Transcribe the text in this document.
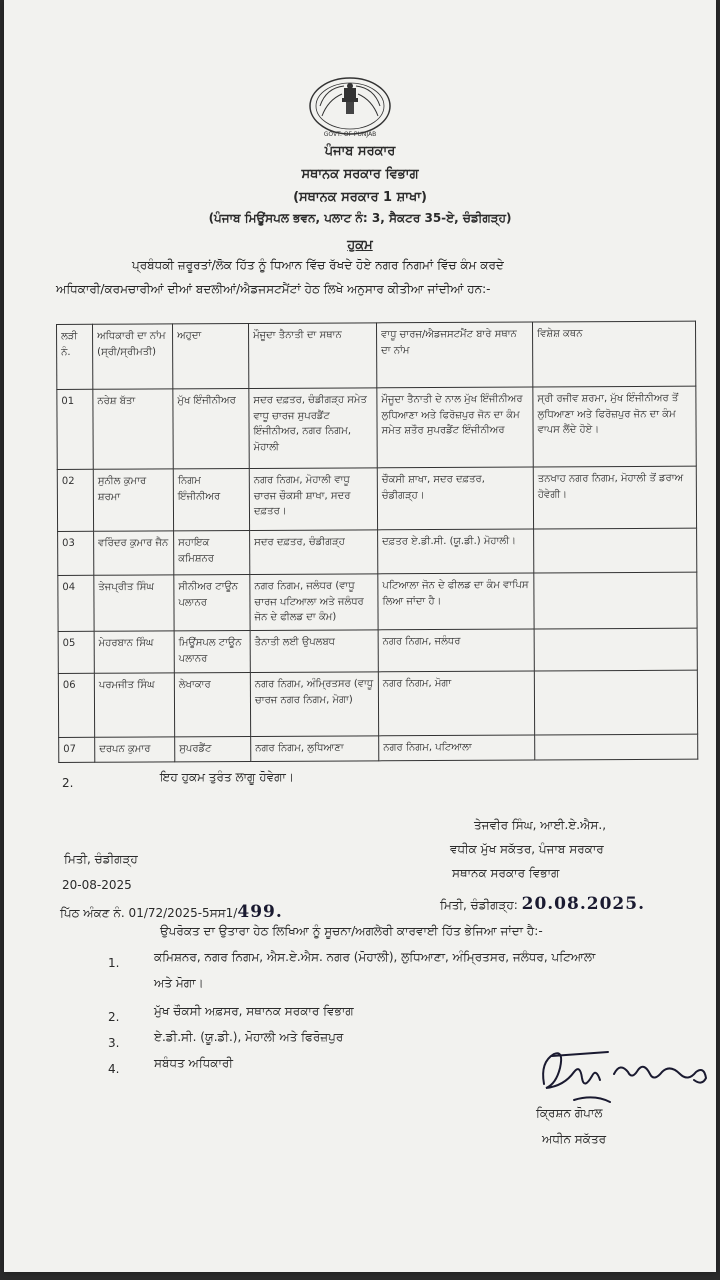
GOVT. OF PUNJAB
ਪੰਜਾਬ ਸਰਕਾਰ
ਸਥਾਨਕ ਸਰਕਾਰ ਵਿਭਾਗ
(ਸਥਾਨਕ ਸਰਕਾਰ 1 ਸ਼ਾਖਾ)
(ਪੰਜਾਬ ਮਿਊਂਸਪਲ ਭਵਨ, ਪਲਾਟ ਨੰ: 3, ਸੈਕਟਰ 35-ਏ, ਚੰਡੀਗੜ੍ਹ)
ਹੁਕਮ
ਪ੍ਰਬੰਧਕੀ ਜ਼ਰੂਰਤਾਂ/ਲੋਕ ਹਿੱਤ ਨੂੰ ਧਿਆਨ ਵਿੱਚ ਰੱਖਦੇ ਹੋਏ ਨਗਰ ਨਿਗਮਾਂ ਵਿੱਚ ਕੰਮ ਕਰਦੇ
ਅਧਿਕਾਰੀ/ਕਰਮਚਾਰੀਆਂ ਦੀਆਂ ਬਦਲੀਆਂ/ਐਡਜਸਟਮੈਂਟਾਂ ਹੇਠ ਲਿਖੇ ਅਨੁਸਾਰ ਕੀਤੀਆ ਜਾਂਦੀਆਂ ਹਨ:-
ਲੜੀ ਨੰ.	ਅਧਿਕਾਰੀ ਦਾ ਨਾਂਮ (ਸ੍ਰੀ/ਸ੍ਰੀਮਤੀ)	ਅਹੁਦਾ	ਮੌਜੂਦਾ ਤੈਨਾਤੀ ਦਾ ਸਥਾਨ	ਵਾਧੂ ਚਾਰਜ/ਐਡਜਸਟਮੈਂਟ ਬਾਰੇ ਸਥਾਨ ਦਾ ਨਾਂਮ	ਵਿਸ਼ੇਸ਼ ਕਥਨ
01	ਨਰੇਸ਼ ਬੱਤਾ	ਮੁੱਖ ਇੰਜੀਨੀਅਰ	ਸਦਰ ਦਫ਼ਤਰ, ਚੰਡੀਗੜ੍ਹ ਸਮੇਤ ਵਾਧੂ ਚਾਰਜ ਸੁਪਰਡੈਂਟ ਇੰਜੀਨੀਅਰ, ਨਗਰ ਨਿਗਮ, ਮੋਹਾਲੀ	ਮੌਜੂਦਾ ਤੈਨਾਤੀ ਦੇ ਨਾਲ ਮੁੱਖ ਇੰਜੀਨੀਅਰ ਲੁਧਿਆਣਾ ਅਤੇ ਫਿਰੋਜ਼ਪੁਰ ਜੋਨ ਦਾ ਕੰਮ ਸਮੇਤ ਸ਼ਤੌਰ ਸੁਪਰਡੈਂਟ ਇੰਜੀਨੀਅਰ	ਸ੍ਰੀ ਰਜੀਵ ਸ਼ਰਮਾ, ਮੁੱਖ ਇੰਜੀਨੀਅਰ ਤੋਂ ਲੁਧਿਆਣਾ ਅਤੇ ਫਿਰੋਜ਼ਪੁਰ ਜੋਨ ਦਾ ਕੰਮ ਵਾਪਸ ਲੈਂਦੇ ਹੋਏ।
02	ਸੁਨੀਲ ਕੁਮਾਰ ਸ਼ਰਮਾ	ਨਿਗਮ ਇੰਜੀਨੀਅਰ	ਨਗਰ ਨਿਗਮ, ਮੋਹਾਲੀ ਵਾਧੂ ਚਾਰਜ ਚੌਕਸੀ ਸ਼ਾਖਾ, ਸਦਰ ਦਫ਼ਤਰ।	ਚੌਕਸੀ ਸ਼ਾਖਾ, ਸਦਰ ਦਫ਼ਤਰ, ਚੰਡੀਗੜ੍ਹ।	ਤਨਖਾਹ ਨਗਰ ਨਿਗਮ, ਮੋਹਾਲੀ ਤੋਂ ਡਰਾਅ ਹੋਵੇਗੀ।
03	ਵਰਿੰਦਰ ਕੁਮਾਰ ਜੈਨ	ਸਹਾਇਕ ਕਮਿਸ਼ਨਰ	ਸਦਰ ਦਫ਼ਤਰ, ਚੰਡੀਗੜ੍ਹ	ਦਫ਼ਤਰ ਏ.ਡੀ.ਸੀ. (ਯੂ.ਡੀ.) ਮੋਹਾਲੀ।	
04	ਤੇਜਪ੍ਰੀਤ ਸਿੰਘ	ਸੀਨੀਅਰ ਟਾਊਨ ਪਲਾਨਰ	ਨਗਰ ਨਿਗਮ, ਜਲੰਧਰ (ਵਾਧੂ ਚਾਰਜ ਪਟਿਆਲਾ ਅਤੇ ਜਲੰਧਰ ਜੋਨ ਦੇ ਫੀਲਡ ਦਾ ਕੰਮ)	ਪਟਿਆਲਾ ਜੋਨ ਦੇ ਫੀਲਡ ਦਾ ਕੰਮ ਵਾਪਿਸ ਲਿਆ ਜਾਂਦਾ ਹੈ।	
05	ਮੇਹਰਬਾਨ ਸਿੰਘ	ਮਿਊਂਸਪਲ ਟਾਊਨ ਪਲਾਨਰ	ਤੈਨਾਤੀ ਲਈ ਉਪਲਬਧ	ਨਗਰ ਨਿਗਮ, ਜਲੰਧਰ	
06	ਪਰਮਜੀਤ ਸਿੰਘ	ਲੇਖਾਕਾਰ	ਨਗਰ ਨਿਗਮ, ਅੰਮ੍ਰਿਤਸਰ (ਵਾਧੂ ਚਾਰਜ ਨਗਰ ਨਿਗਮ, ਮੋਗਾ)	ਨਗਰ ਨਿਗਮ, ਮੋਗਾ	
07	ਦਰਪਨ ਕੁਮਾਰ	ਸੁਪਰਡੈਂਟ	ਨਗਰ ਨਿਗਮ, ਲੁਧਿਆਣਾ	ਨਗਰ ਨਿਗਮ, ਪਟਿਆਲਾ	
2.	ਇਹ ਹੁਕਮ ਤੁਰੰਤ ਲਾਗੂ ਹੋਵੇਗਾ।
ਤੇਜਵੀਰ ਸਿੰਘ, ਆਈ.ਏ.ਐਸ.,
ਵਧੀਕ ਮੁੱਖ ਸਕੱਤਰ, ਪੰਜਾਬ ਸਰਕਾਰ
ਸਥਾਨਕ ਸਰਕਾਰ ਵਿਭਾਗ
ਮਿਤੀ, ਚੰਡੀਗੜ੍ਹ
20-08-2025
ਪਿੱਠ ਅੰਕਣ ਨੰ. 01/72/2025-5ਸਸ1/499.	ਮਿਤੀ, ਚੰਡੀਗੜ੍ਹ: 20.08.2025.
ਉਪਰੋਕਤ ਦਾ ਉਤਾਰਾ ਹੇਠ ਲਿਖਿਆ ਨੂੰ ਸੂਚਨਾ/ਅਗਲੇਰੀ ਕਾਰਵਾਈ ਹਿੱਤ ਭੇਜਿਆ ਜਾਂਦਾ ਹੈ:-
1.	ਕਮਿਸ਼ਨਰ, ਨਗਰ ਨਿਗਮ, ਐਸ.ਏ.ਐਸ. ਨਗਰ (ਮੋਹਾਲੀ), ਲੁਧਿਆਣਾ, ਅੰਮ੍ਰਿਤਸਰ, ਜਲੰਧਰ, ਪਟਿਆਲਾ
ਅਤੇ ਮੋਗਾ।
2.	ਮੁੱਖ ਚੌਕਸੀ ਅਫ਼ਸਰ, ਸਥਾਨਕ ਸਰਕਾਰ ਵਿਭਾਗ
3.	ਏ.ਡੀ.ਸੀ. (ਯੂ.ਡੀ.), ਮੋਹਾਲੀ ਅਤੇ ਫਿਰੋਜ਼ਪੁਰ
4.	ਸਬੰਧਤ ਅਧਿਕਾਰੀ
ਕ੍ਰਿਸ਼ਨ ਗੋਪਾਲ
ਅਧੀਨ ਸਕੱਤਰ
